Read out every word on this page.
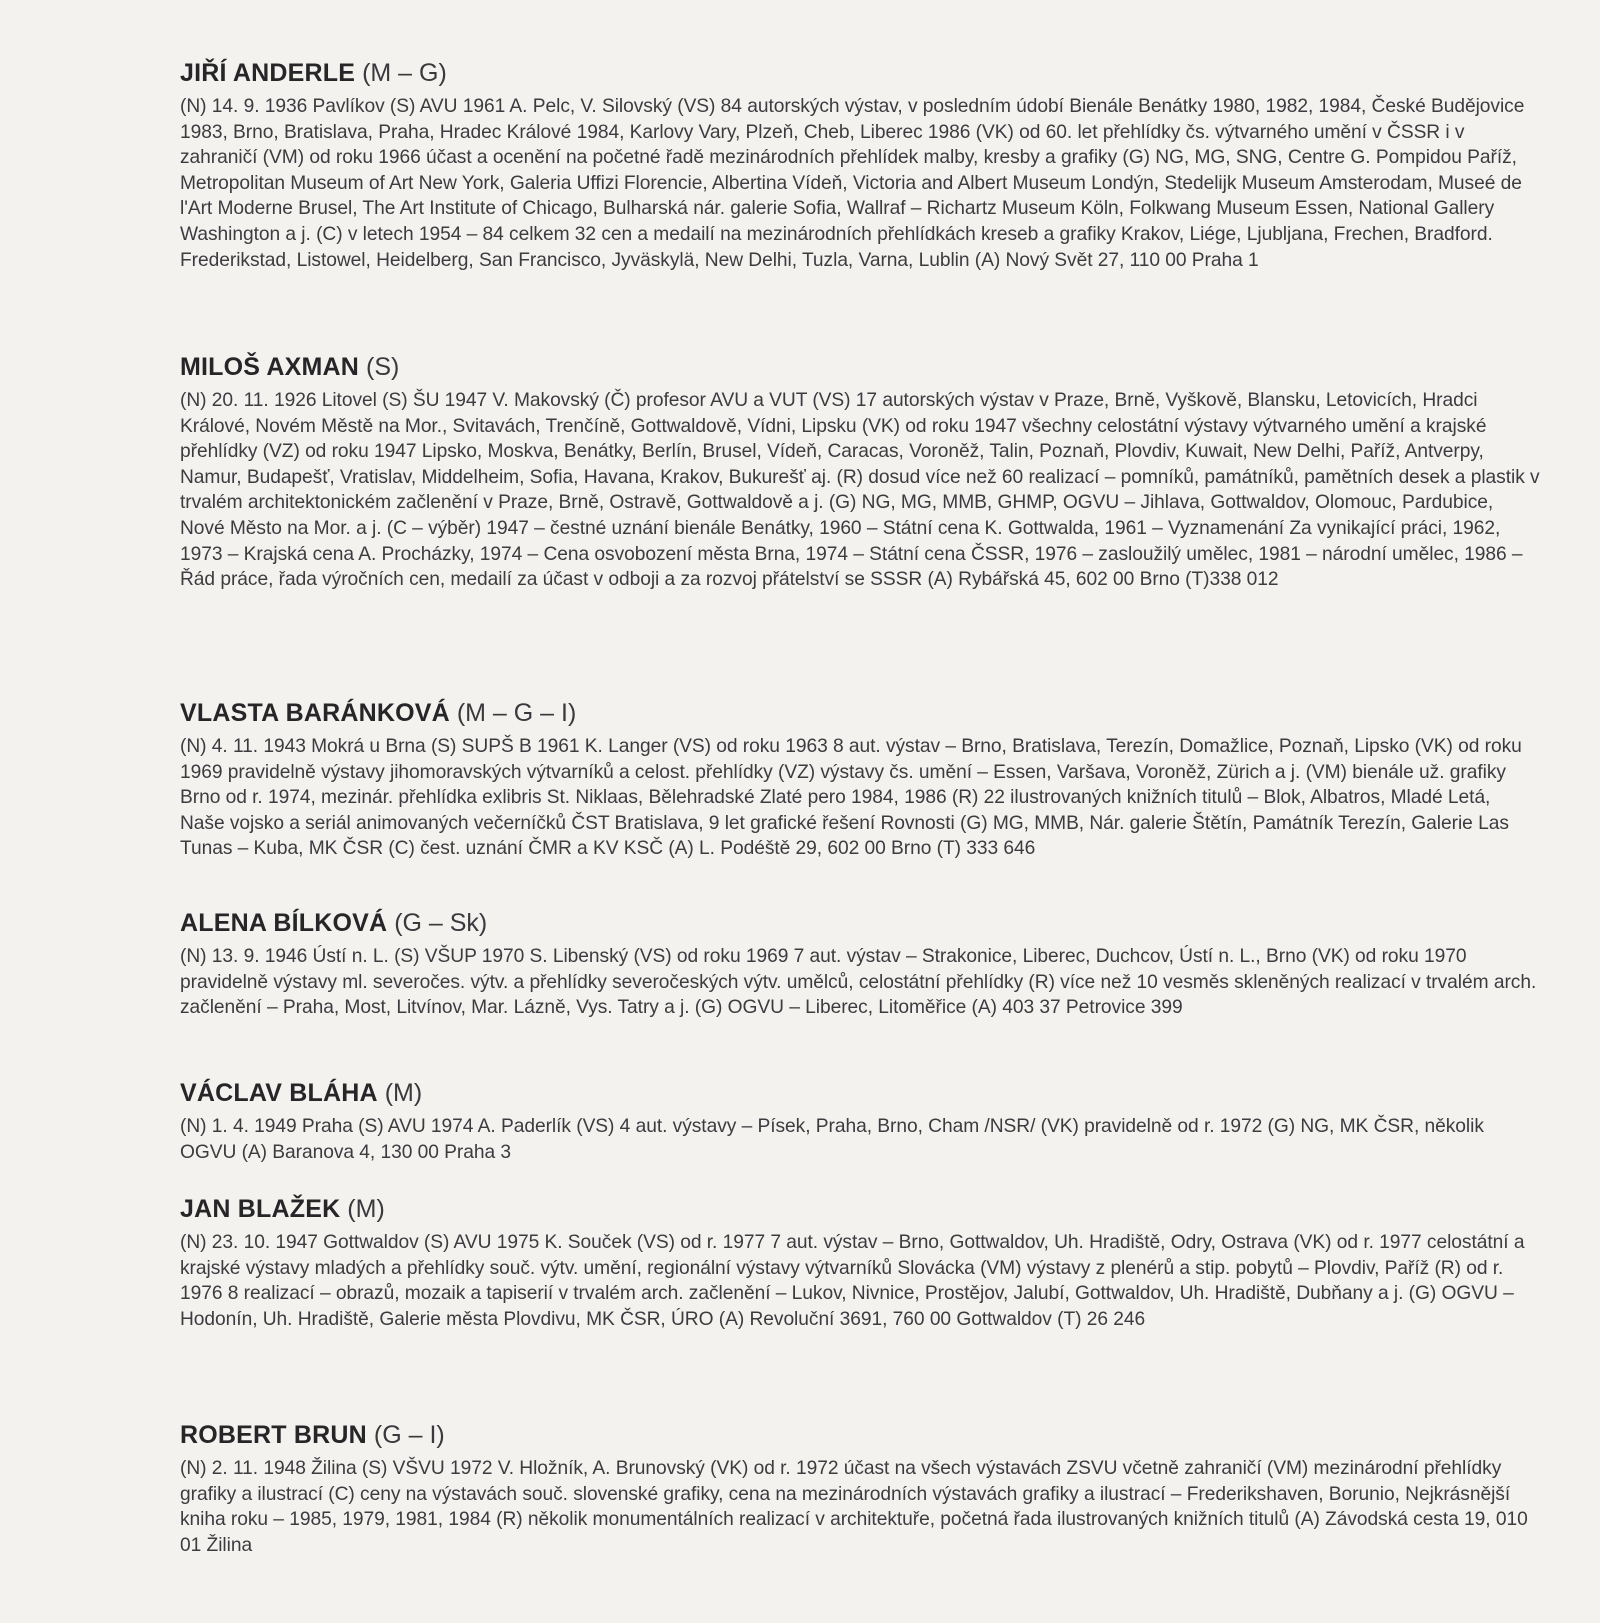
JIŘÍ ANDERLE (M – G)

(N) 14. 9. 1936 Pavlíkov (S) AVU 1961 A. Pelc, V. Silovský (VS) 84 autorských výstav, v posledním údobí Bienále Benátky 1980, 1982, 1984, České Budějovice 1983, Brno, Bratislava, Praha, Hradec Králové 1984, Karlovy Vary, Plzeň, Cheb, Liberec 1986 (VK) od 60. let přehlídky čs. výtvarného umění v ČSSR i v zahraničí (VM) od roku 1966 účast a ocenění na početné řadě mezinárodních přehlídek malby, kresby a grafiky (G) NG, MG, SNG, Centre G. Pompidou Paříž, Metropolitan Museum of Art New York, Galeria Uffizi Florencie, Albertina Vídeň, Victoria and Albert Museum Londýn, Stedelijk Museum Amsterodam, Museé de l'Art Moderne Brusel, The Art Institute of Chicago, Bulharská nár. galerie Sofia, Wallraf – Richartz Museum Köln, Folkwang Museum Essen, National Gallery Washington a j. (C) v letech 1954 – 84 celkem 32 cen a medailí na mezinárodních přehlídkách kreseb a grafiky Krakov, Liége, Ljubljana, Frechen, Bradford. Frederikstad, Listowel, Heidelberg, San Francisco, Jyväskylä, New Delhi, Tuzla, Varna, Lublin (A) Nový Svět 27, 110 00 Praha 1

MILOŠ AXMAN (S)

(N) 20. 11. 1926 Litovel (S) ŠU 1947 V. Makovský (Č) profesor AVU a VUT (VS) 17 autorských výstav v Praze, Brně, Vyškově, Blansku, Letovicích, Hradci Králové, Novém Městě na Mor., Svitavách, Trenčíně, Gottwaldově, Vídni, Lipsku (VK) od roku 1947 všechny celostátní výstavy výtvarného umění a krajské přehlídky (VZ) od roku 1947 Lipsko, Moskva, Benátky, Berlín, Brusel, Vídeň, Caracas, Voroněž, Talin, Poznaň, Plovdiv, Kuwait, New Delhi, Paříž, Antverpy, Namur, Budapešť, Vratislav, Middelheim, Sofia, Havana, Krakov, Bukurešť aj. (R) dosud více než 60 realizací – pomníků, památníků, pamětních desek a plastik v trvalém architektonickém začlenění v Praze, Brně, Ostravě, Gottwaldově a j. (G) NG, MG, MMB, GHMP, OGVU – Jihlava, Gottwaldov, Olomouc, Pardubice, Nové Město na Mor. a j. (C – výběr) 1947 – čestné uznání bienále Benátky, 1960 – Státní cena K. Gottwalda, 1961 – Vyznamenání Za vynikající práci, 1962, 1973 – Krajská cena A. Procházky, 1974 – Cena osvobození města Brna, 1974 – Státní cena ČSSR, 1976 – zasloužilý umělec, 1981 – národní umělec, 1986 – Řád práce, řada výročních cen, medailí za účast v odboji a za rozvoj přátelství se SSSR (A) Rybářská 45, 602 00 Brno (T)338 012

VLASTA BARÁNKOVÁ (M – G – I)

(N) 4. 11. 1943 Mokrá u Brna (S) SUPŠ B 1961 K. Langer (VS) od roku 1963 8 aut. výstav – Brno, Bratislava, Terezín, Domažlice, Poznaň, Lipsko (VK) od roku 1969 pravidelně výstavy jihomoravských výtvarníků a celost. přehlídky (VZ) výstavy čs. umění – Essen, Varšava, Voroněž, Zürich a j. (VM) bienále už. grafiky Brno od r. 1974, mezinár. přehlídka exlibris St. Niklaas, Bělehradské Zlaté pero 1984, 1986 (R) 22 ilustrovaných knižních titulů – Blok, Albatros, Mladé Letá, Naše vojsko a seriál animovaných večerníčků ČST Bratislava, 9 let grafické řešení Rovnosti (G) MG, MMB, Nár. galerie Štětín, Památník Terezín, Galerie Las Tunas – Kuba, MK ČSR (C) čest. uznání ČMR a KV KSČ (A) L. Podéště 29, 602 00 Brno (T) 333 646

ALENA BÍLKOVÁ (G – Sk)

(N) 13. 9. 1946 Ústí n. L. (S) VŠUP 1970 S. Libenský (VS) od roku 1969 7 aut. výstav – Strakonice, Liberec, Duchcov, Ústí n. L., Brno (VK) od roku 1970 pravidelně výstavy ml. severočes. výtv. a přehlídky severočeských výtv. umělců, celostátní přehlídky (R) více než 10 vesměs skleněných realizací v trvalém arch. začlenění – Praha, Most, Litvínov, Mar. Lázně, Vys. Tatry a j. (G) OGVU – Liberec, Litoměřice (A) 403 37 Petrovice 399

VÁCLAV BLÁHA (M)

(N) 1. 4. 1949 Praha (S) AVU 1974 A. Paderlík (VS) 4 aut. výstavy – Písek, Praha, Brno, Cham /NSR/ (VK) pravidelně od r. 1972 (G) NG, MK ČSR, několik OGVU (A) Baranova 4, 130 00 Praha 3

JAN BLAŽEK (M)

(N) 23. 10. 1947 Gottwaldov (S) AVU 1975 K. Souček (VS) od r. 1977 7 aut. výstav – Brno, Gottwaldov, Uh. Hradiště, Odry, Ostrava (VK) od r. 1977 celostátní a krajské výstavy mladých a přehlídky souč. výtv. umění, regionální výstavy výtvarníků Slovácka (VM) výstavy z plenérů a stip. pobytů – Plovdiv, Paříž (R) od r. 1976 8 realizací – obrazů, mozaik a tapiserií v trvalém arch. začlenění – Lukov, Nivnice, Prostějov, Jalubí, Gottwaldov, Uh. Hradiště, Dubňany a j. (G) OGVU – Hodonín, Uh. Hradiště, Galerie města Plovdivu, MK ČSR, ÚRO (A) Revoluční 3691, 760 00 Gottwaldov (T) 26 246

ROBERT BRUN (G – I)

(N) 2. 11. 1948 Žilina (S) VŠVU 1972 V. Hložník, A. Brunovský (VK) od r. 1972 účast na všech výstavách ZSVU včetně zahraničí (VM) mezinárodní přehlídky grafiky a ilustrací (C) ceny na výstavách souč. slovenské grafiky, cena na mezinárodních výstavách grafiky a ilustrací – Frederikshaven, Borunio, Nejkrásnější kniha roku – 1985, 1979, 1981, 1984 (R) několik monumentálních realizací v architektuře, početná řada ilustrovaných knižních titulů (A) Závodská cesta 19, 010 01 Žilina
